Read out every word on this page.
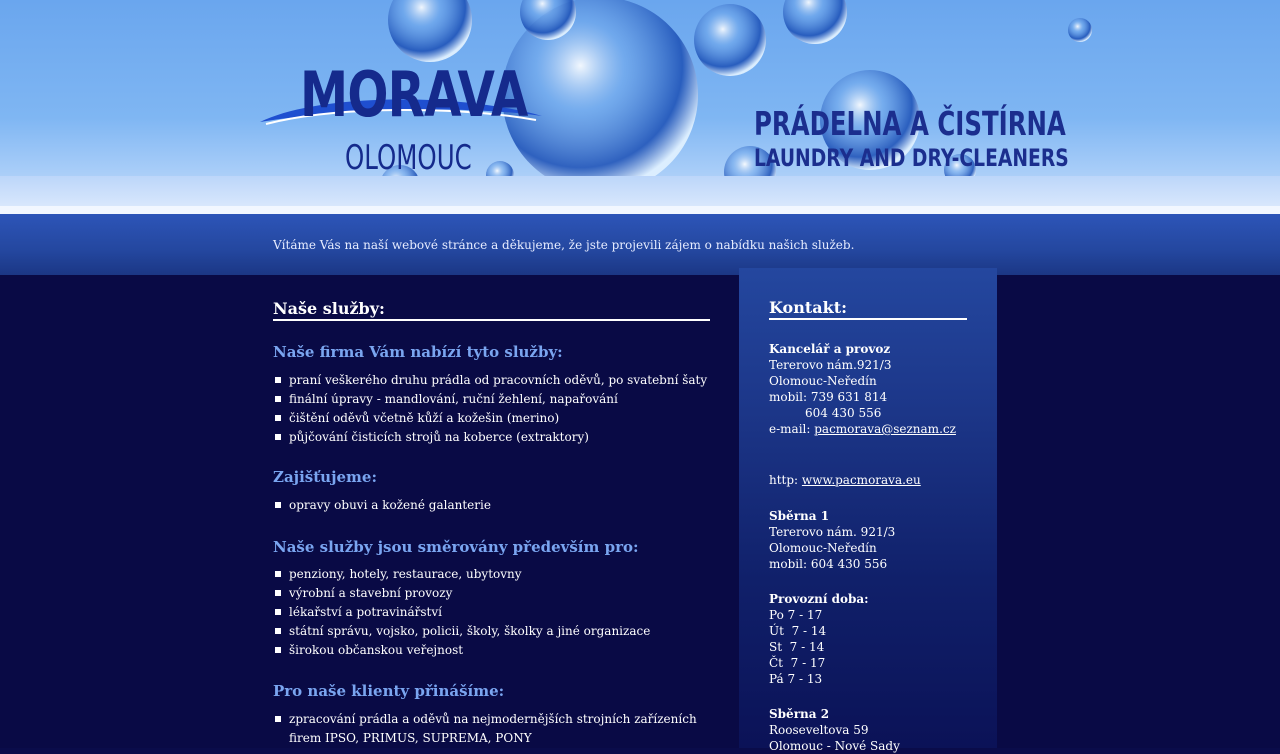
MORAVA
OLOMOUC
PRÁDELNA A ČISTÍRNA
LAUNDRY AND DRY-CLEANERS
Vítáme Vás na naší webové stránce a děkujeme, že jste projevili zájem o nabídku našich služeb.
Naše služby:
Naše firma Vám nabízí tyto služby:
praní veškerého druhu prádla od pracovních oděvů, po svatební šaty
finální úpravy - mandlování, ruční žehlení, napařování
čištění oděvů včetně kůží a kožešin (merino)
půjčování čisticích strojů na koberce (extraktory)
Zajišťujeme:
opravy obuvi a kožené galanterie
Naše služby jsou směrovány především pro:
penziony, hotely, restaurace, ubytovny
výrobní a stavební provozy
lékařství a potravinářství
státní správu, vojsko, policii, školy, školky a jiné organizace
širokou občanskou veřejnost
Pro naše klienty přinášíme:
zpracování prádla a oděvů na nejmodernějších strojních zařízeních firem IPSO, PRIMUS, SUPREMA, PONY
Kontakt:
Kancelář a provoz
Tererovo nám.921/3
Olomouc-Neředín
mobil: 739 631 814
604 430 556
e-mail: pacmorava@seznam.cz
http: www.pacmorava.eu
Sběrna 1
Tererovo nám. 921/3
Olomouc-Neředín
mobil: 604 430 556
Provozní doba:
Po 7 - 17
Út  7 - 14
St  7 - 14
Čt  7 - 17
Pá 7 - 13
Sběrna 2
Rooseveltova 59
Olomouc - Nové Sady
